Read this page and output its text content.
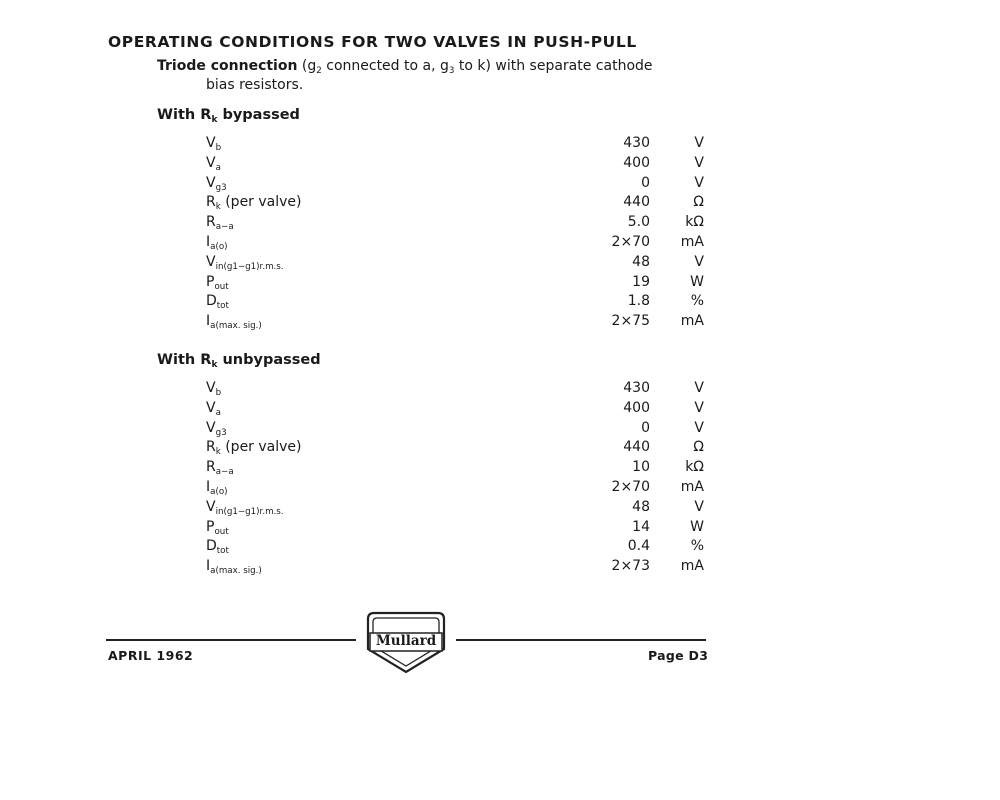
OPERATING CONDITIONS FOR TWO VALVES IN PUSH-PULL
Triode connection ($g_2$ connected to a, $g_3$ to k) with separate cathode
bias resistors.
With $R_k$ bypassed
$V_b$	430	V
$V_a$	400	V
$V_{g3}$	0	V
$R_k$ (per valve)	440	Ω
$R_{a-a}$	5.0	kΩ
$I_{a(o)}$	2×70 mA
$V_{in(g1-g1)r.m.s.}$	48	V
$P_{out}$	19	W
$D_{tot}$	1.8	%
$I_{a(max. sig.)}$	2×75 mA
With $R_k$ unbypassed
$V_b$	430	V
$V_a$	400	V
$V_{g3}$	0	V
$R_k$ (per valve)	440	Ω
$R_{a-a}$	10	kΩ
$I_{a(o)}$	2×70 mA
$V_{in(g1-g1)r.m.s.}$	48	V
$P_{out}$	14	W
$D_{tot}$	0.4	%
$I_{a(max. sig.)}$	2×73 mA
Mullard
APRIL 1962	Page D3
